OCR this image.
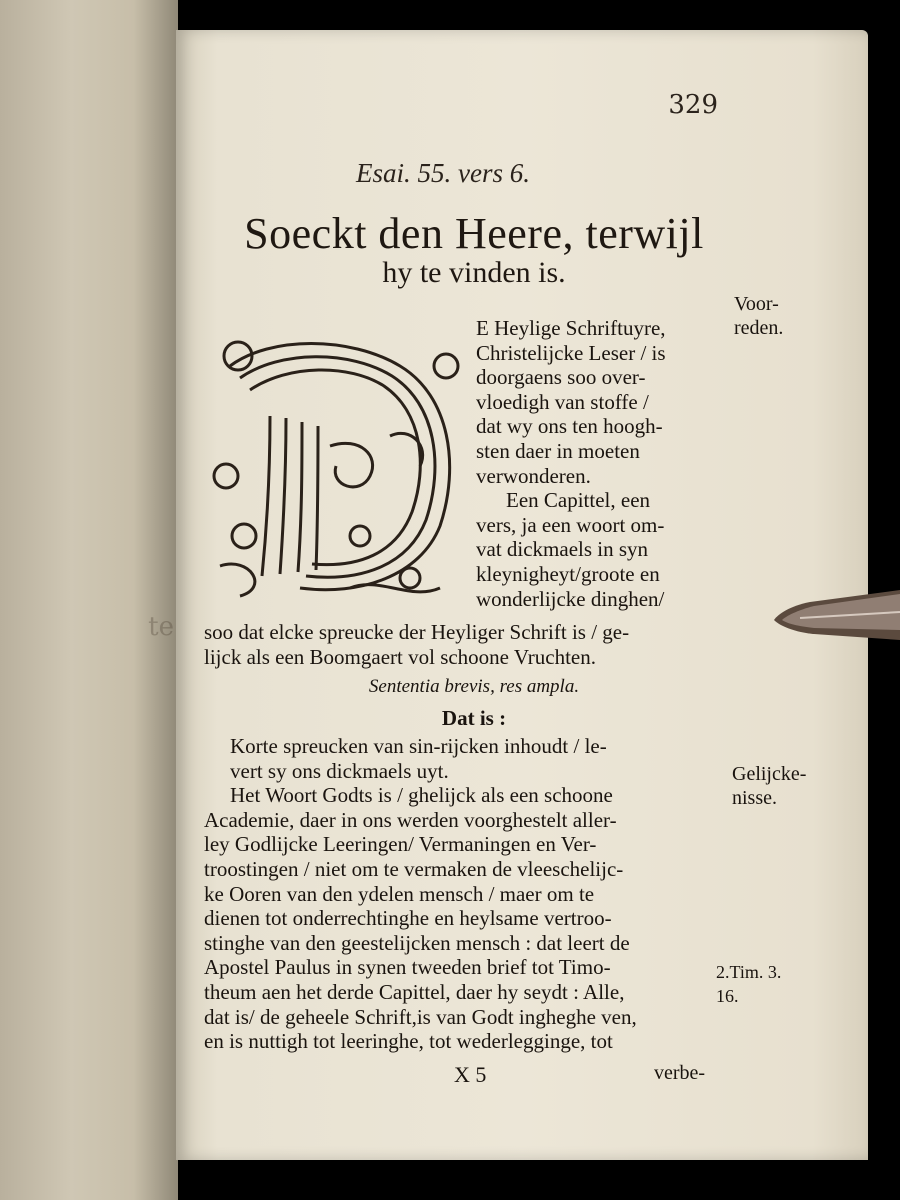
te
329
Esai. 55. vers 6.
Soeckt den Heere, terwijl
hy te vinden is.
E Heylige Schriftuyre,
Christelijcke Leser / is
doorgaens soo over-
vloedigh van stoffe /
dat wy ons ten hoogh-
sten daer in moeten
verwonderen.
Een Capittel, een
vers, ja een woort om-
vat dickmaels in syn
kleynigheyt/groote en
wonderlijcke dinghen/
soo dat elcke spreucke der Heyliger Schrift is / ge-
lijck als een Boomgaert vol schoone Vruchten.
Sententia brevis, res ampla.
Dat is :
Korte spreucken van sin-rijcken inhoudt / le-
vert sy ons dickmaels uyt.
Het Woort Godts is / ghelijck als een schoone
Academie, daer in ons werden voorghestelt aller-
ley Godlijcke Leeringen/ Vermaningen en Ver-
troostingen / niet om te vermaken de vleeschelijc-
ke Ooren van den ydelen mensch / maer om te
dienen tot onderrechtinghe en heylsame vertroo-
stinghe van den geestelijcken mensch : dat leert de
Apostel Paulus in synen tweeden brief tot Timo-
theum aen het derde Capittel, daer hy seydt : Alle,
dat is/ de geheele Schrift,is van Godt ingheghe ven,
en is nuttigh tot leeringhe, tot wederlegginge, tot
Voor-
reden.
Gelijcke-
nisse.
2.Tim. 3.
16.
X 5	verbe-
